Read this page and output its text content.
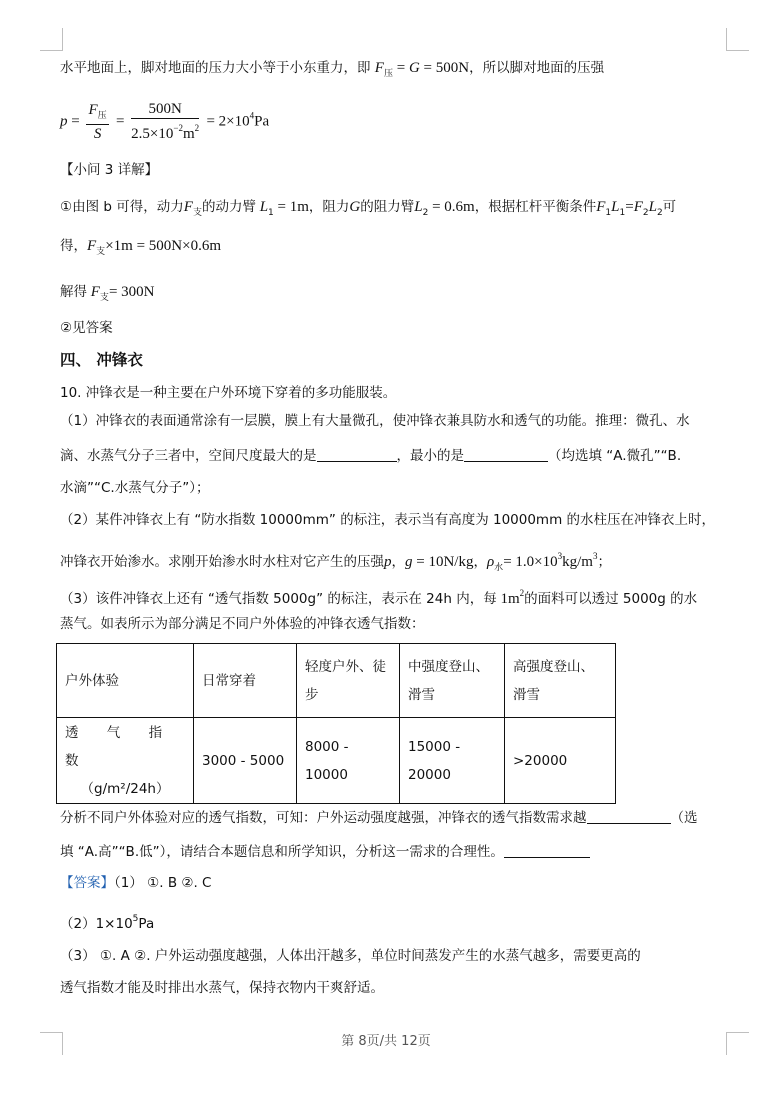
水平地面上，脚对地面的压力大小等于小东重力，即 $F_压 = G = 500N$，所以脚对地面的压强
$p = \frac{F_压}{S} = \frac{500N}{2.5\times 10^{-2}m^2} = 2\times 10^4Pa$
【小问 3 详解】
①由图 b 可得，动力$F_支$的动力臂 $L_1 = 1m$，阻力G的阻力臂$L_2 = 0.6m$，根据杠杆平衡条件$F_1L_1=F_2L_2$可
得，$F_支\times 1m = 500N\times 0.6m$
解得 $F_支= 300N$
②见答案
四、 冲锋衣
10. 冲锋衣是一种主要在户外环境下穿着的多功能服装。
（1）冲锋衣的表面通常涂有一层膜，膜上有大量微孔，使冲锋衣兼具防水和透气的功能。推理：微孔、水
滴、水蒸气分子三者中，空间尺度最大的是	，最小的是	（均选填 “A.微孔”“B.
水滴”“C.水蒸气分子”）；
（2）某件冲锋衣上有 “防水指数 10000mm” 的标注，表示当有高度为 10000mm 的水柱压在冲锋衣上时，
冲锋衣开始渗水。求刚开始渗水时水柱对它产生的压强p，g = 10N/kg，$\rho_水= 1.0\times 10^3kg/m^3$；
（3）该件冲锋衣上还有 “透气指数 5000g” 的标注，表示在 24h 内，每 $1m^2$的面料可以透过 5000g 的水
蒸气。如表所示为部分满足不同户外体验的冲锋衣透气指数：
户外体验	日常穿着	轻度户外、徒步	中强度登山、滑雪	高强度登山、滑雪

透 气 指 数
（g/m²/24h）	3000 - 5000	8000 - 10000	15000 - 20000	>20000
分析不同户外体验对应的透气指数，可知：户外运动强度越强，冲锋衣的透气指数需求越	（选
填 “A.高”“B.低”），请结合本题信息和所学知识，分析这一需求的合理性。
【答案】（1） ①. B ②. C
$(2)1\times 10^5Pa$
（3） ①. A ②. 户外运动强度越强，人体出汗越多，单位时间蒸发产生的水蒸气越多，需要更高的
透气指数才能及时排出水蒸气，保持衣物内干爽舒适。
第 8页/共 12页
